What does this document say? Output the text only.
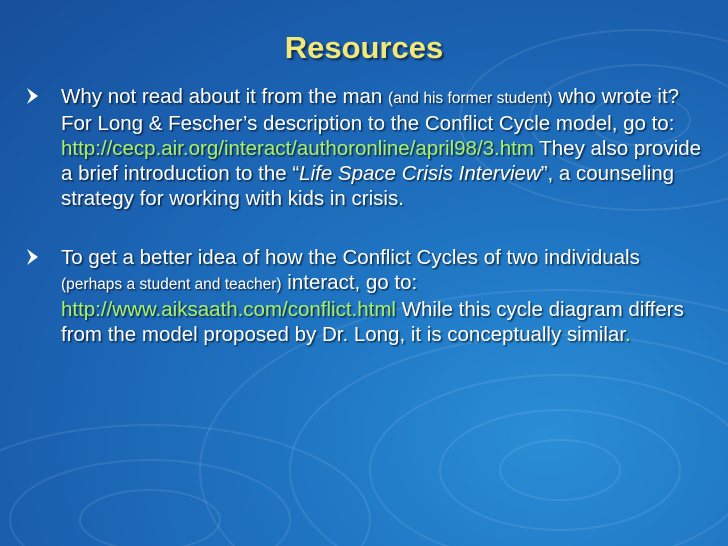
Resources
Why not read about it from the man (and his former student) who wrote it? For Long & Fescher’s description to the Conflict Cycle model, go to: http://cecp.air.org/interact/authoronline/april98/3.htm They also provide a brief introduction to the “Life Space Crisis Interview”, a counseling strategy for working with kids in crisis.
To get a better idea of how the Conflict Cycles of two individuals (perhaps a student and teacher) interact, go to: http://www.aiksaath.com/conflict.html While this cycle diagram differs from the model proposed by Dr. Long, it is conceptually similar.
